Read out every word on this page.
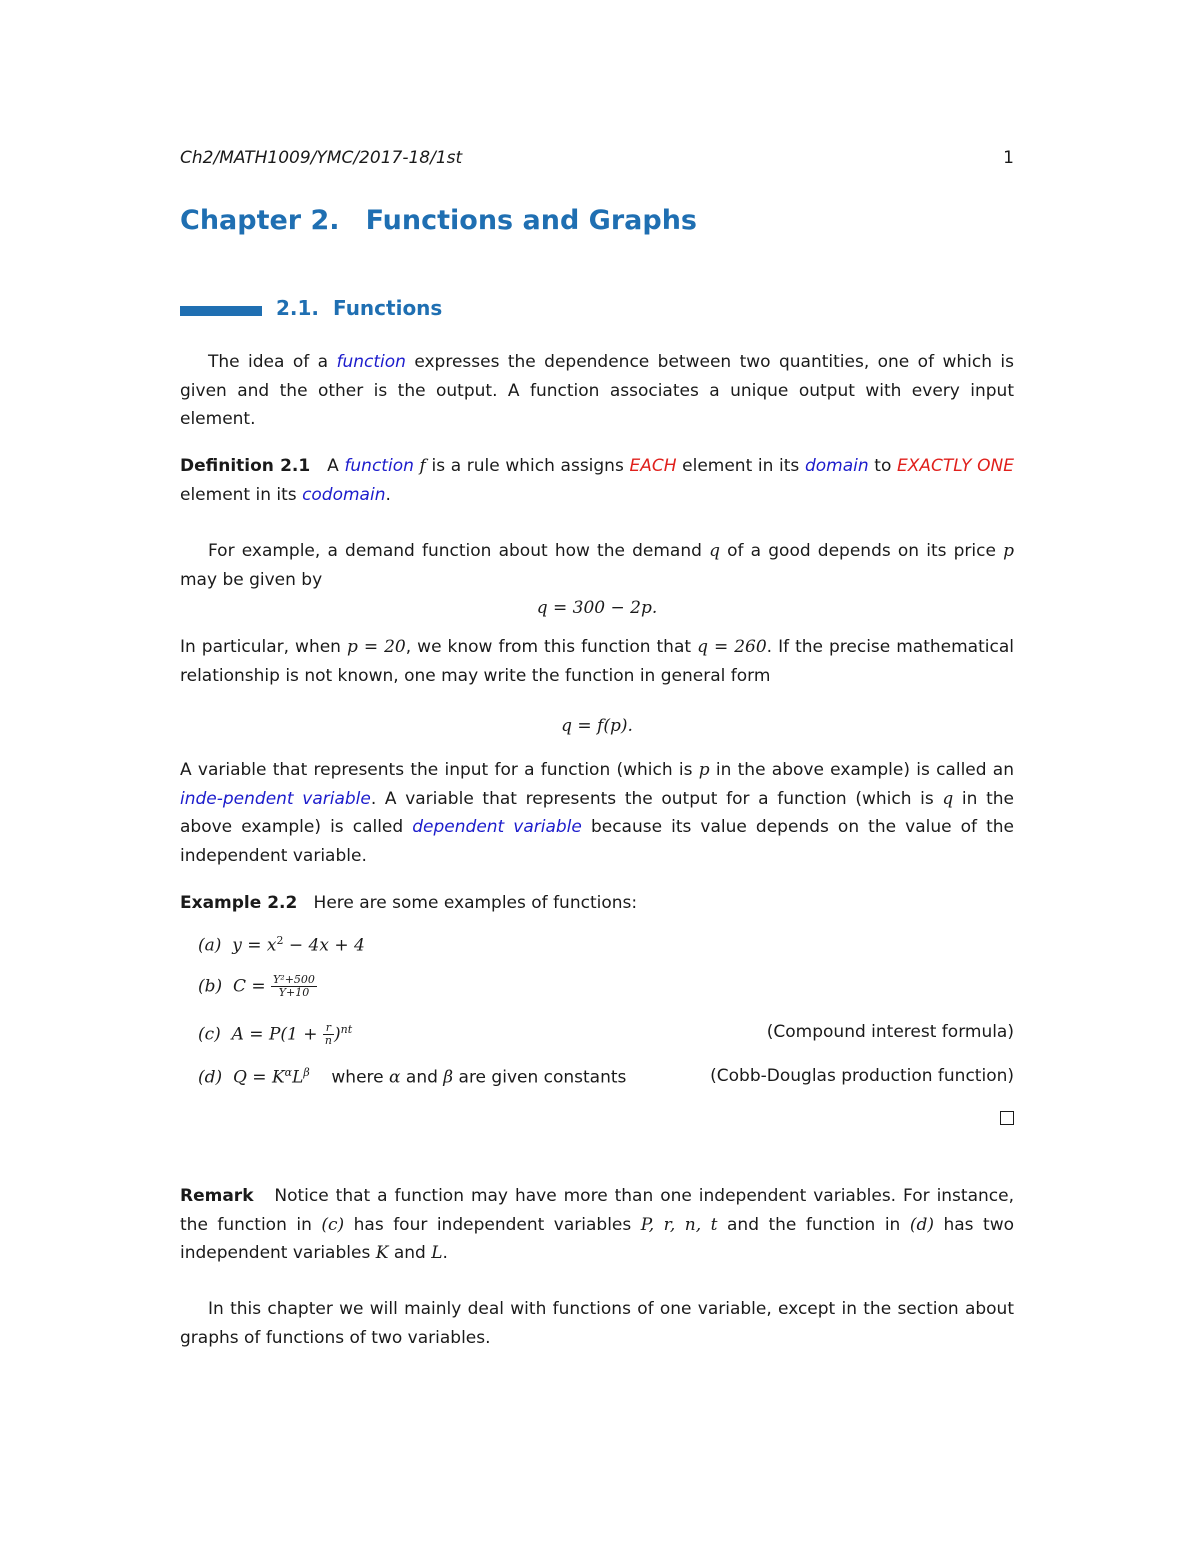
Ch2/MATH1009/YMC/2017-18/1st	1
Chapter 2. Functions and Graphs
2.1. Functions
The idea of a function expresses the dependence between two quantities, one of which is given and the other is the output. A function associates a unique output with every input element.
Definition 2.1 A function f is a rule which assigns EACH element in its domain to EXACTLY ONE element in its codomain.
For example, a demand function about how the demand q of a good depends on its price p may be given by
q = 300 − 2p.
In particular, when p = 20, we know from this function that q = 260. If the precise mathematical relationship is not known, one may write the function in general form
q = f(p).
A variable that represents the input for a function (which is p in the above example) is called an inde-pendent variable. A variable that represents the output for a function (which is q in the above example) is called dependent variable because its value depends on the value of the independent variable.
Example 2.2 Here are some examples of functions:
(a) $y = x^2 - 4x + 4$
(b) $C = \frac{\text{Y²+500}}{Y+10}$
(c) $A = P(1 + \frac{r}{n} )^{nt}$	(Compound interest formula)
(d) $Q = K^\alpha L^\beta$ where α and β are given constants	(Cobb-Douglas production function)
Remark Notice that a function may have more than one independent variables. For instance, the function in (c) has four independent variables P, r, n, t and the function in (d) has two independent variables K and L.
In this chapter we will mainly deal with functions of one variable, except in the section about graphs of functions of two variables.
